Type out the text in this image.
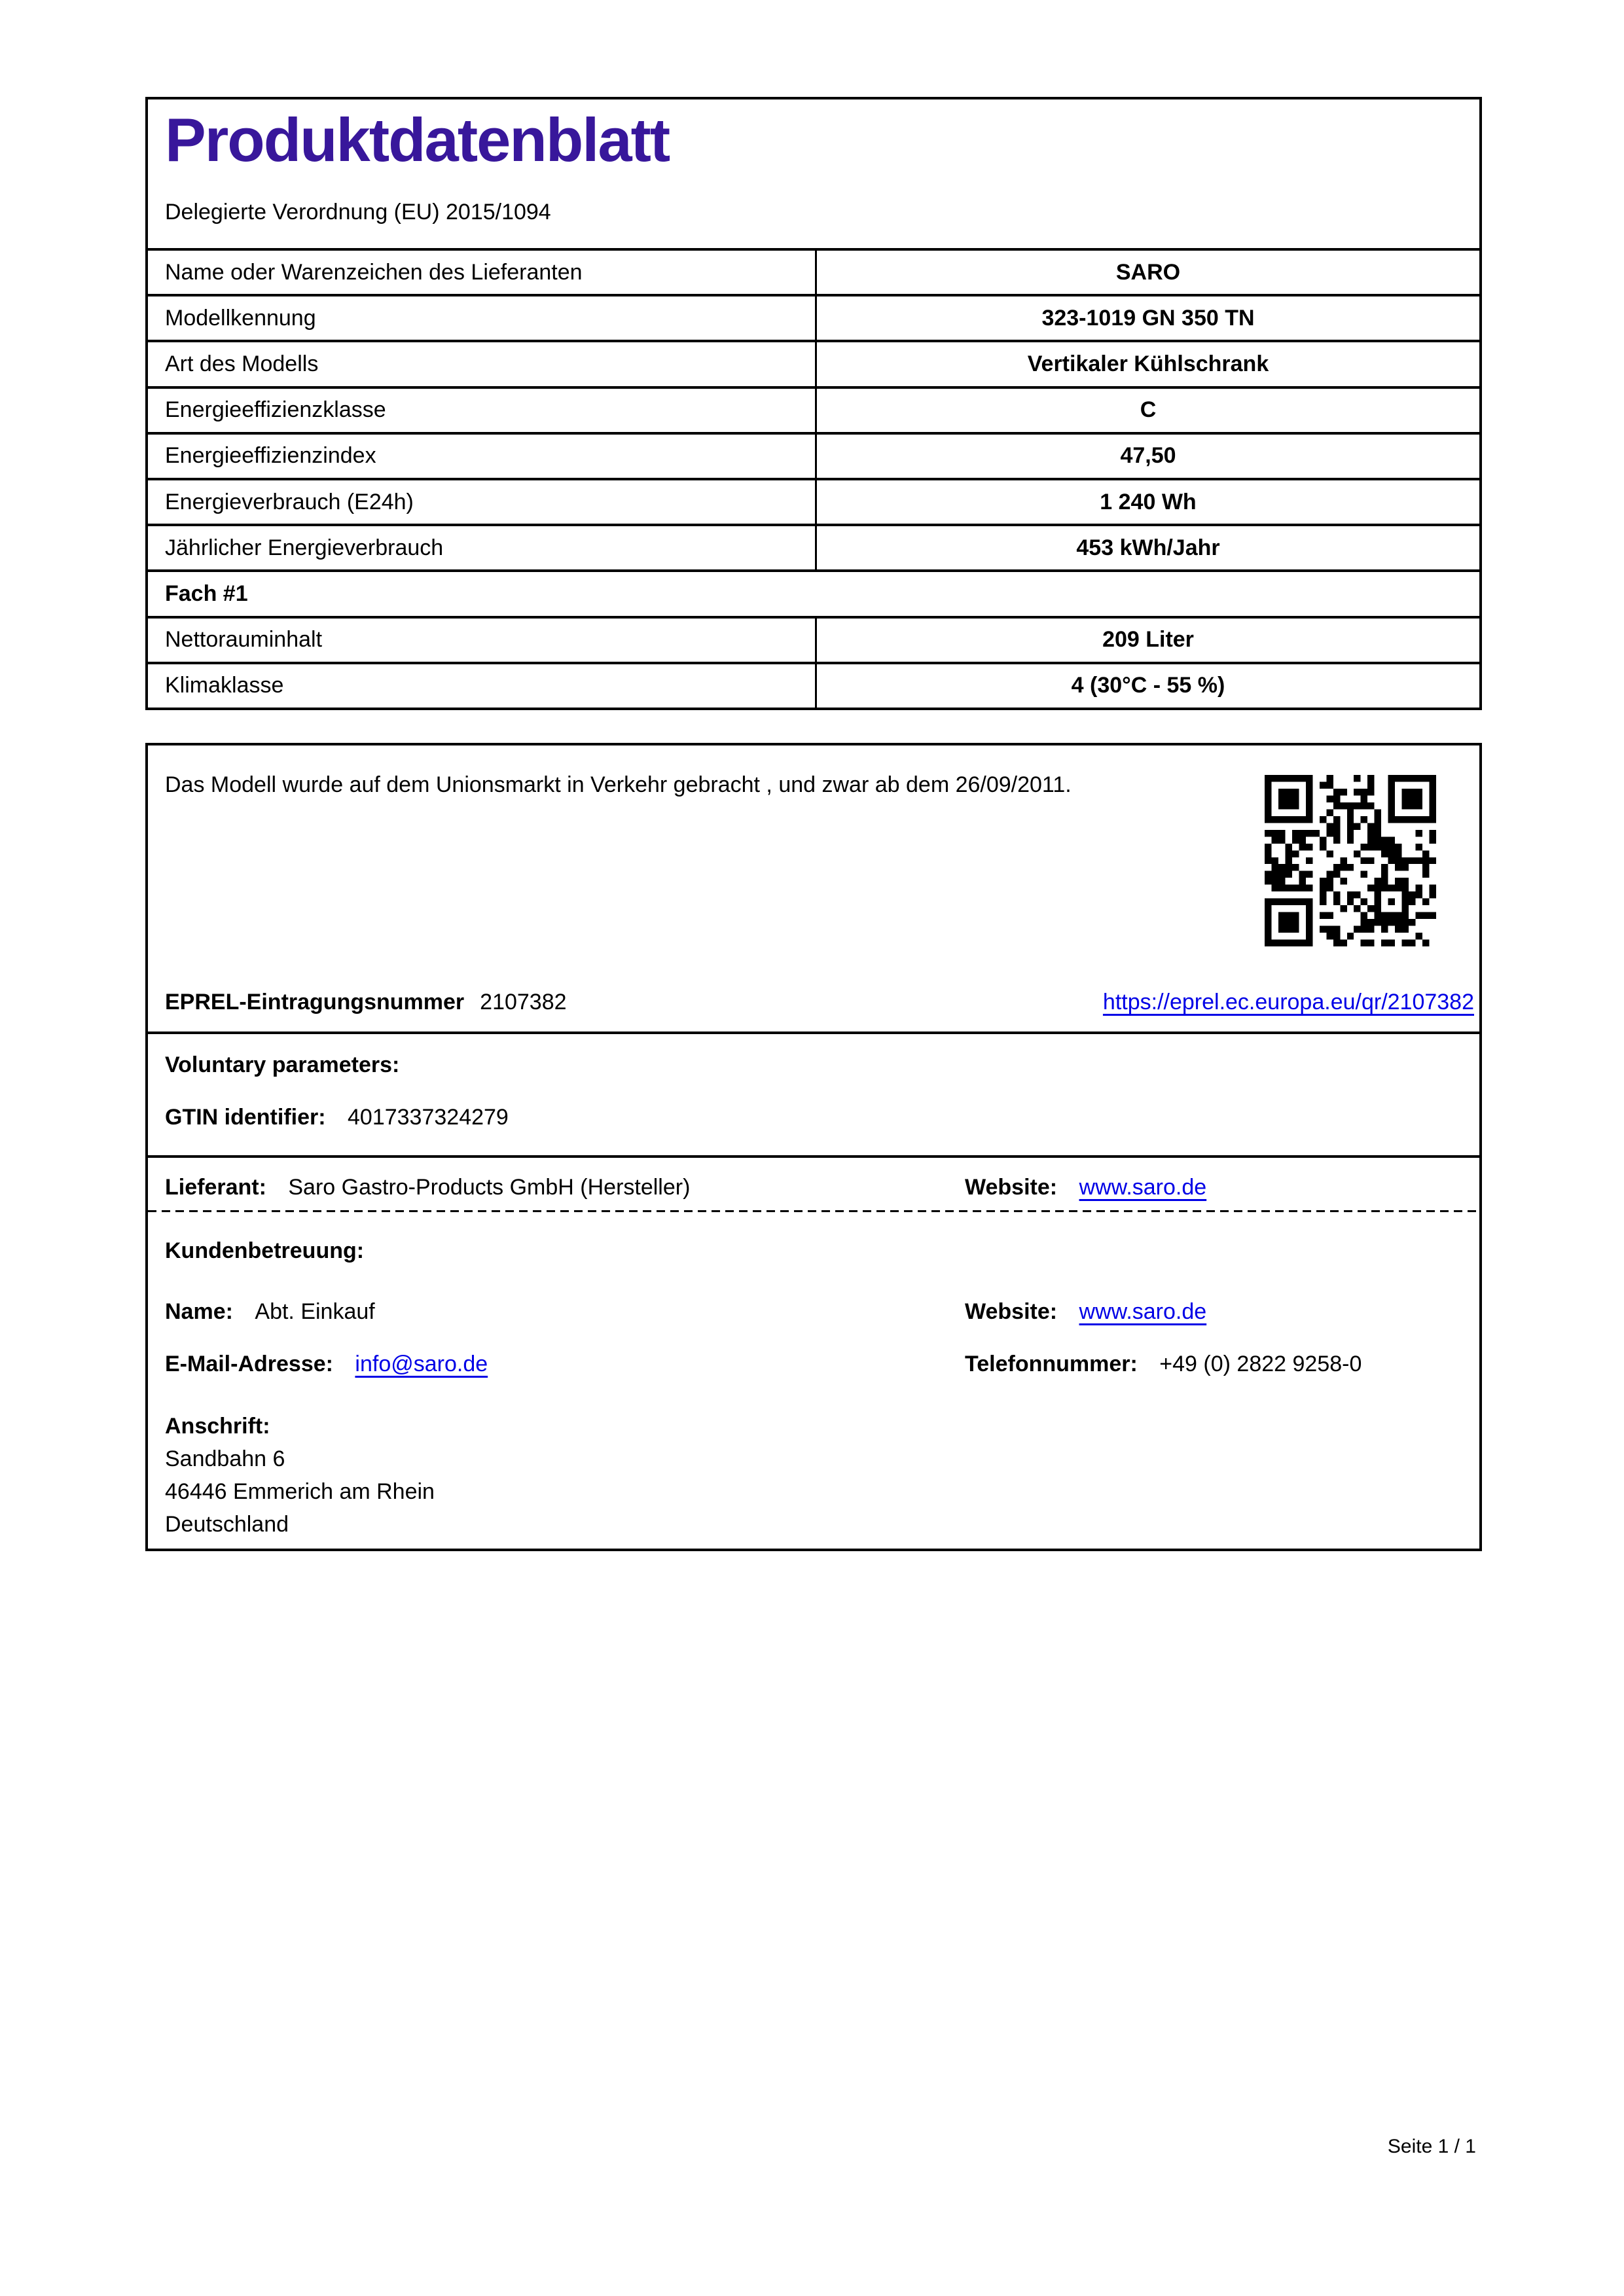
Produktdatenblatt
Delegierte Verordnung (EU) 2015/1094
Name oder Warenzeichen des Lieferanten	SARO
Modellkennung	323-1019 GN 350 TN
Art des Modells	Vertikaler Kühlschrank
Energieeffizienzklasse	C
Energieeffizienzindex	47,50
Energieverbrauch (E24h)	1 240 Wh
Jährlicher Energieverbrauch	453 kWh/Jahr
Fach #1
Nettorauminhalt	209 Liter
Klimaklasse	4 (30°C - 55 %)
Das Modell wurde auf dem Unionsmarkt in Verkehr gebracht , und zwar ab dem 26/09/2011.
EPREL-Eintragungsnummer 2107382	https://eprel.ec.europa.eu/qr/2107382
Voluntary parameters:
GTIN identifier: 4017337324279
Lieferant: Saro Gastro-Products GmbH (Hersteller)	Website: www.saro.de
Kundenbetreuung:
Name: Abt. Einkauf	Website: www.saro.de
E-Mail-Adresse: info@saro.de	Telefonnummer: +49 (0) 2822 9258-0
Anschrift:
Sandbahn 6
46446 Emmerich am Rhein
Deutschland
Seite 1 / 1
